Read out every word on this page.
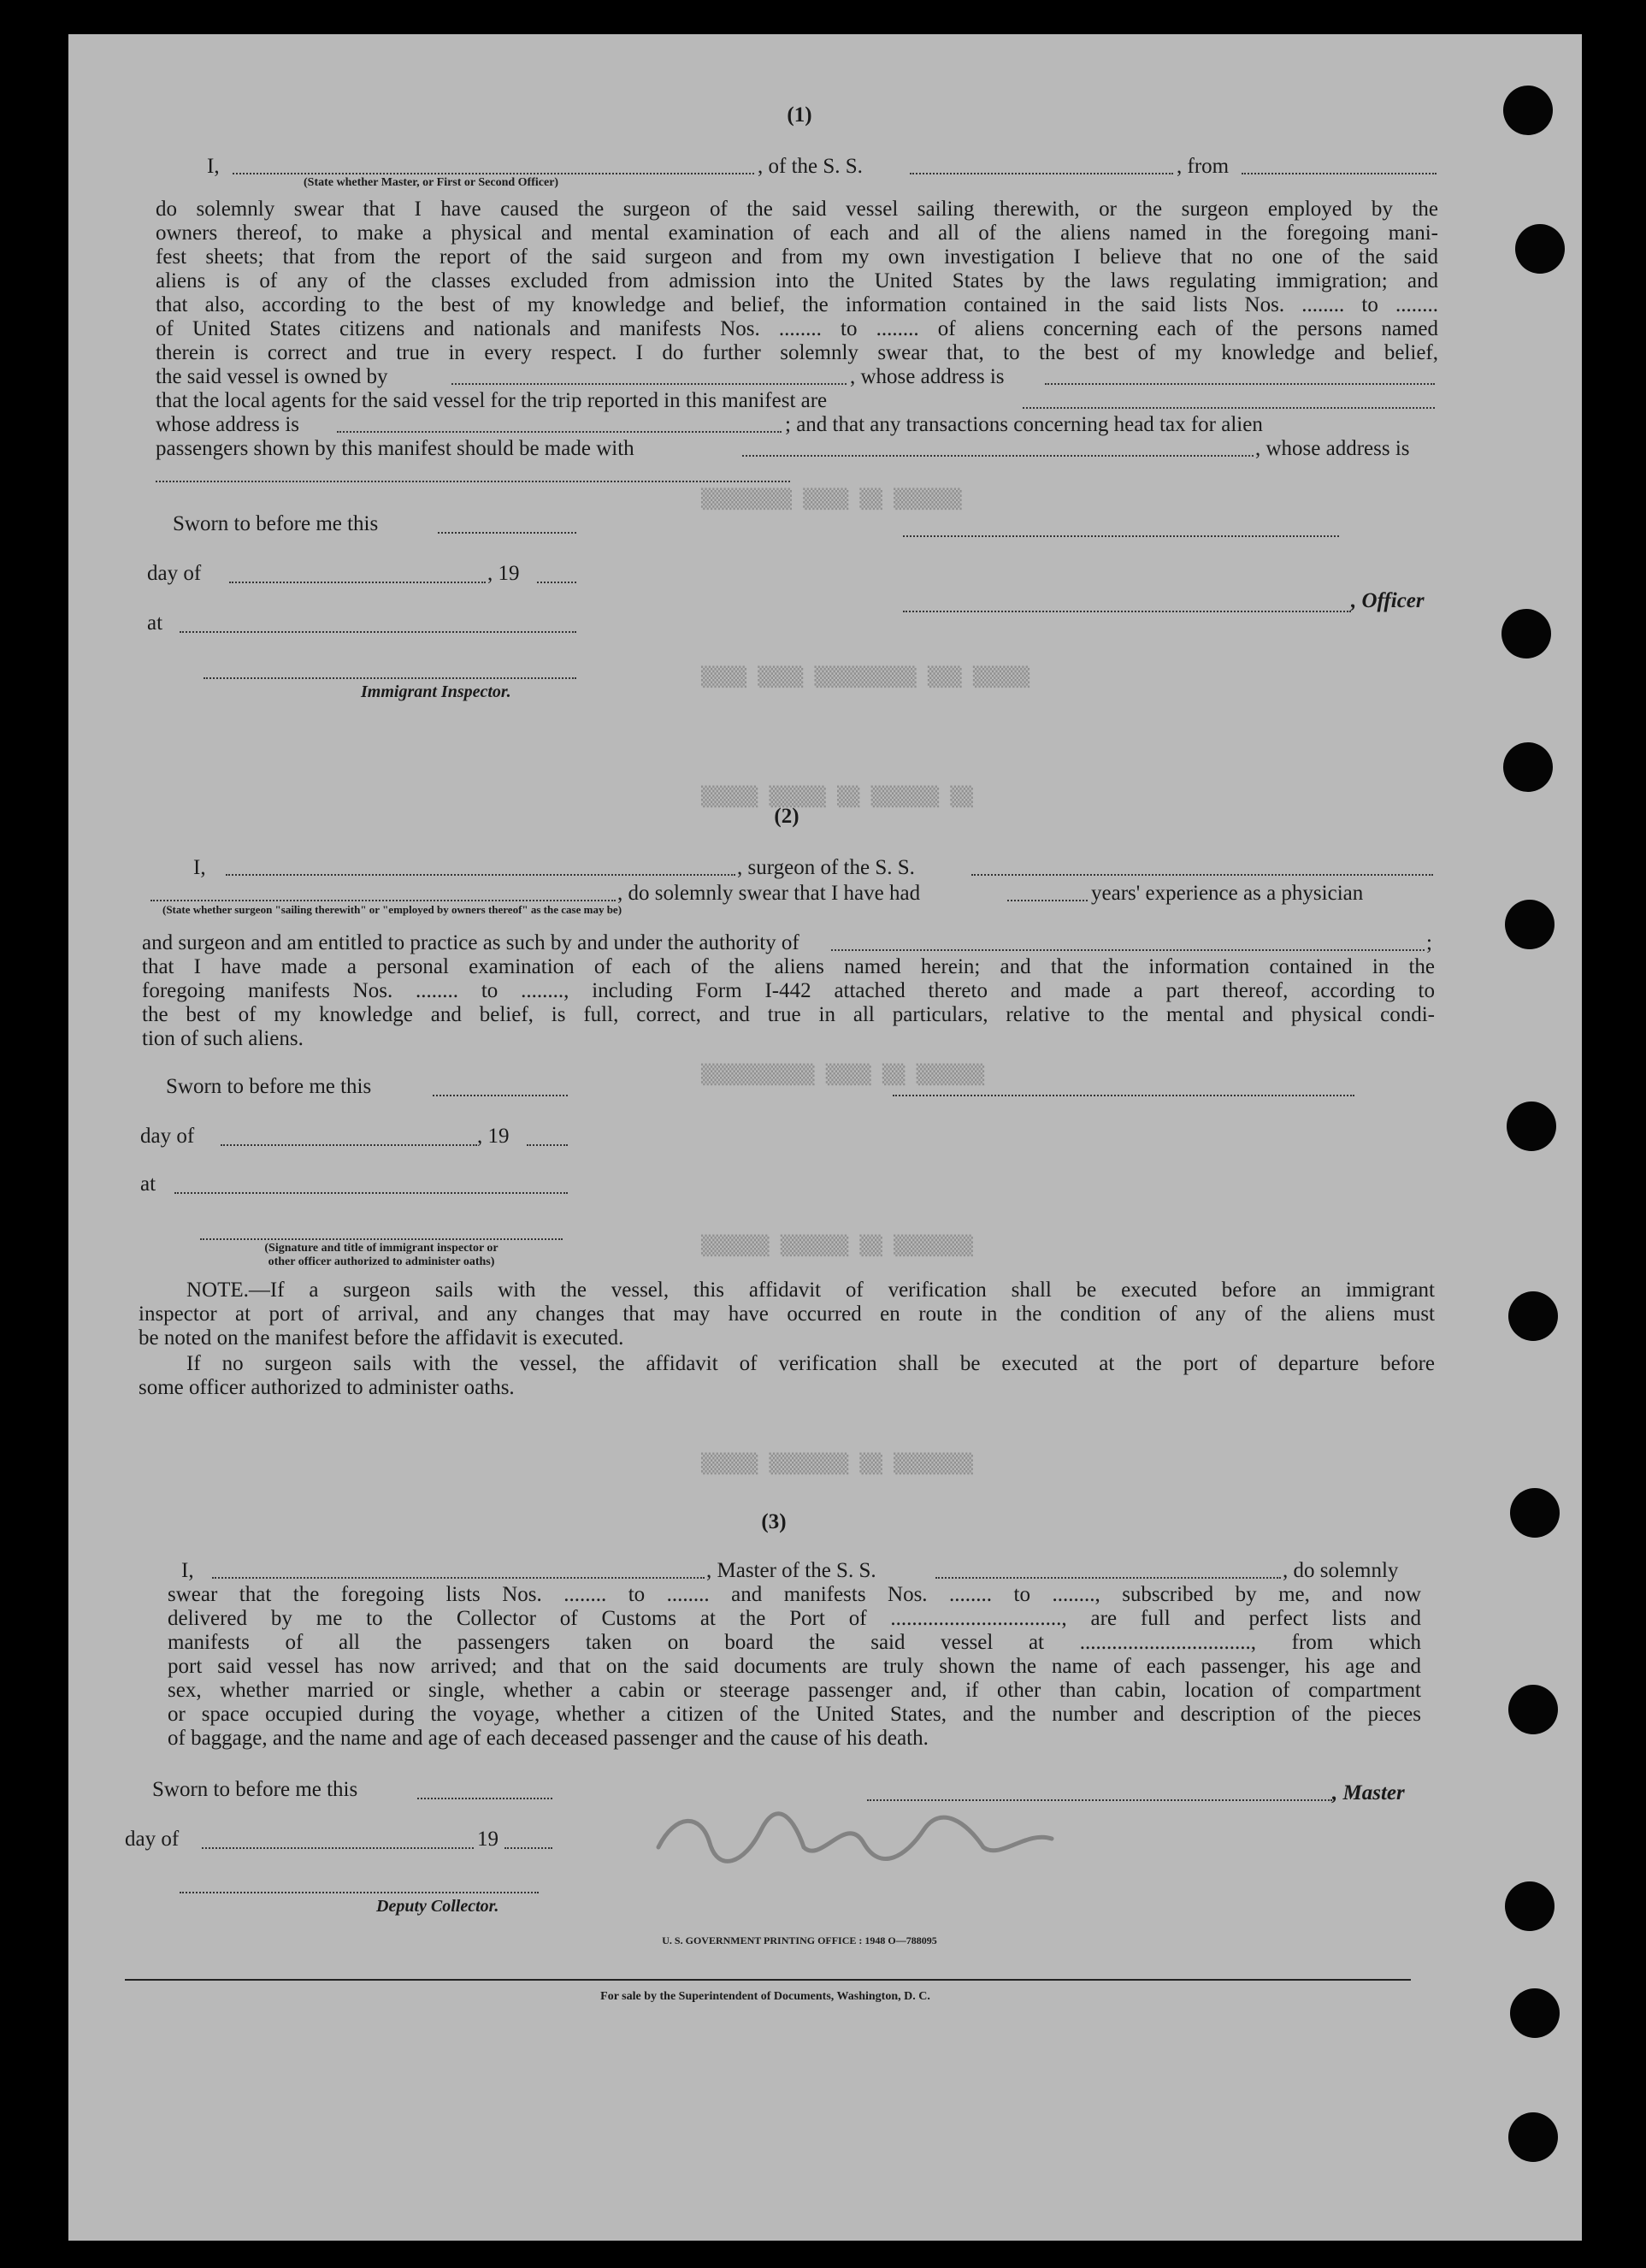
▒▒▒▒▒▒▒▒ ▒▒▒▒ ▒▒ ▒▒▒▒▒▒
▒▒▒▒ ▒▒▒▒ ▒▒▒▒▒▒▒▒▒ ▒▒▒ ▒▒▒▒▒
▒▒▒▒▒ ▒▒▒▒▒ ▒▒ ▒▒▒▒▒▒ ▒▒
▒▒▒▒▒▒▒▒▒▒ ▒▒▒▒ ▒▒ ▒▒▒▒▒▒
▒▒▒▒▒▒ ▒▒▒▒▒▒ ▒▒ ▒▒▒▒▒▒▒
▒▒▒▒▒ ▒▒▒▒▒▒▒ ▒▒ ▒▒▒▒▒▒▒
(1)
I,	, of the S. S.	, from
(State whether Master, or First or Second Officer)
do solemnly swear that I have caused the surgeon of the said vessel sailing therewith, or the surgeon employed by the
owners thereof, to make a physical and mental examination of each and all of the aliens named in the foregoing mani-
fest sheets; that from the report of the said surgeon and from my own investigation I believe that no one of the said
aliens is of any of the classes excluded from admission into the United States by the laws regulating immigration; and
that also, according to the best of my knowledge and belief, the information contained in the said lists Nos. ........ to ........
of United States citizens and nationals and manifests Nos. ........ to ........ of aliens concerning each of the persons named
therein is correct and true in every respect. I do further solemnly swear that, to the best of my knowledge and belief,
the said vessel is owned by	, whose address is
that the local agents for the said vessel for the trip reported in this manifest are
whose address is	; and that any transactions concerning head tax for alien
passengers shown by this manifest should be made with	, whose address is
Sworn to before me this
day of	, 19
, Officer
at
Immigrant Inspector.
(2)
I,	, surgeon of the S. S.
, do solemnly swear that I have had	years' experience as a physician
(State whether surgeon "sailing therewith" or "employed by owners thereof" as the case may be)
and surgeon and am entitled to practice as such by and under the authority of	;
that I have made a personal examination of each of the aliens named herein; and that the information contained in the
foregoing manifests Nos. ........ to ........, including Form I-442 attached thereto and made a part thereof, according to
the best of my knowledge and belief, is full, correct, and true in all particulars, relative to the mental and physical condi-
tion of such aliens.
Sworn to before me this
day of	, 19
at
(Signature and title of immigrant inspector or
other officer authorized to administer oaths)
NOTE.—If a surgeon sails with the vessel, this affidavit of verification shall be executed before an immigrant
inspector at port of arrival, and any changes that may have occurred en route in the condition of any of the aliens must
be noted on the manifest before the affidavit is executed.
If no surgeon sails with the vessel, the affidavit of verification shall be executed at the port of departure before
some officer authorized to administer oaths.
(3)
I,	, Master of the S. S.	, do solemnly
swear that the foregoing lists Nos. ........ to ........ and manifests Nos. ........ to ........, subscribed by me, and now
delivered by me to the Collector of Customs at the Port of ................................, are full and perfect lists and
manifests of all the passengers taken on board the said vessel at ................................, from which
port said vessel has now arrived; and that on the said documents are truly shown the name of each passenger, his age and
sex, whether married or single, whether a cabin or steerage passenger and, if other than cabin, location of compartment
or space occupied during the voyage, whether a citizen of the United States, and the number and description of the pieces
of baggage, and the name and age of each deceased passenger and the cause of his death.
Sworn to before me this	, Master
day of	19
Deputy Collector.
U. S. GOVERNMENT PRINTING OFFICE : 1948 O—788095
For sale by the Superintendent of Documents, Washington, D. C.
